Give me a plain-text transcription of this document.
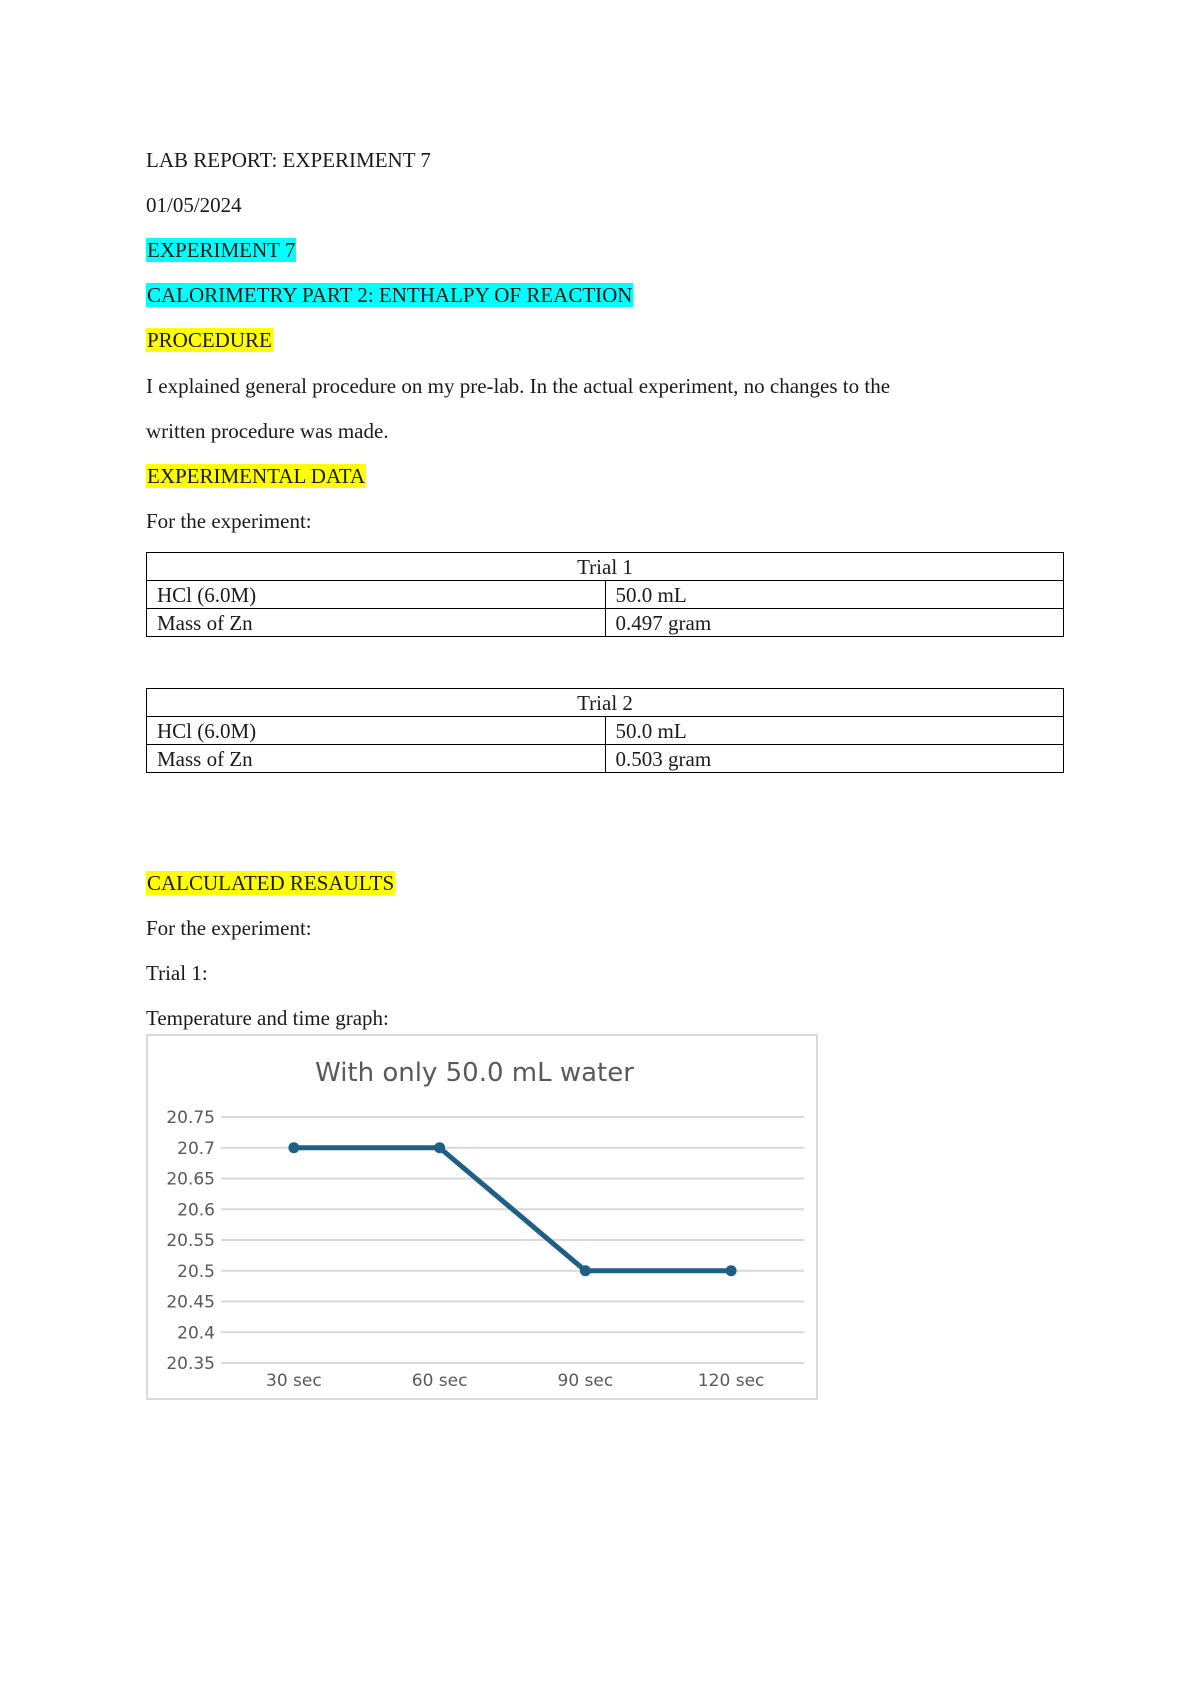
LAB REPORT: EXPERIMENT 7
01/05/2024
EXPERIMENT 7
CALORIMETRY PART 2: ENTHALPY OF REACTION
PROCEDURE
I explained general procedure on my pre-lab. In the actual experiment, no changes to the
written procedure was made.
EXPERIMENTAL DATA
For the experiment:
Trial 1	
HCl (6.0M)	50.0 mL
Mass of Zn	0.497 gram
Trial 2	
HCl (6.0M)	50.0 mL
Mass of Zn	0.503 gram
CALCULATED RESAULTS
For the experiment:
Trial 1:
Temperature and time graph:
With only 50.0 mL water
20.75
20.7
20.65
20.6
20.55
20.5
20.45
20.4
20.35
30 sec	60 sec	90 sec	120 sec
